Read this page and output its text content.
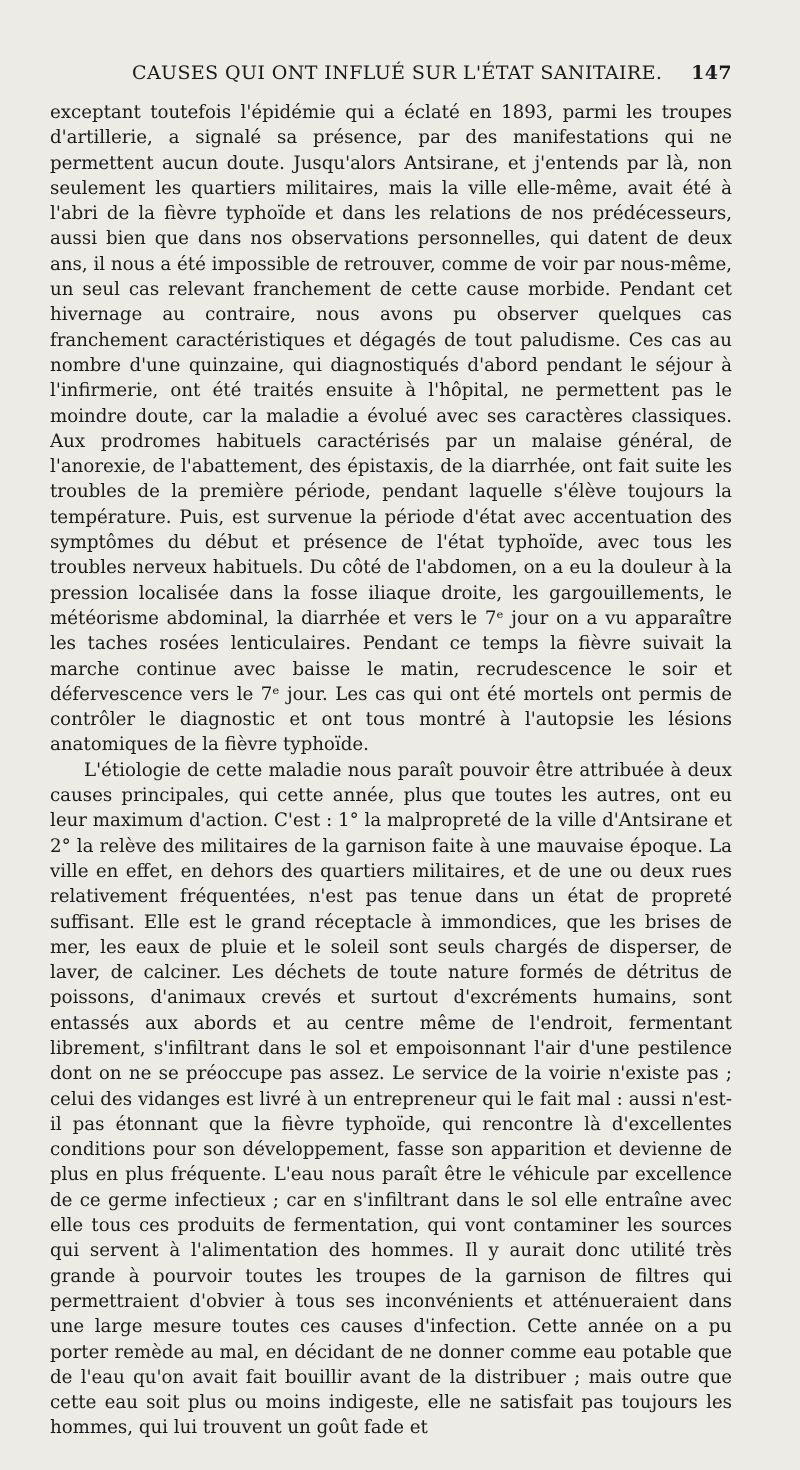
CAUSES QUI ONT INFLUÉ SUR L'ÉTAT SANITAIRE. 147

exceptant toutefois l'épidémie qui a éclaté en 1893, parmi les troupes d'artillerie, a signalé sa présence, par des manifestations qui ne permettent aucun doute. Jusqu'alors Antsirane, et j'entends par là, non seulement les quartiers militaires, mais la ville elle-même, avait été à l'abri de la fièvre typhoïde et dans les relations de nos prédécesseurs, aussi bien que dans nos observations personnelles, qui datent de deux ans, il nous a été impossible de retrouver, comme de voir par nous-même, un seul cas relevant franchement de cette cause morbide. Pendant cet hivernage au contraire, nous avons pu observer quelques cas franchement caractéristiques et dégagés de tout paludisme. Ces cas au nombre d'une quinzaine, qui diagnostiqués d'abord pendant le séjour à l'infirmerie, ont été traités ensuite à l'hôpital, ne permettent pas le moindre doute, car la maladie a évolué avec ses caractères classiques. Aux prodromes habituels caractérisés par un malaise général, de l'anorexie, de l'abattement, des épistaxis, de la diarrhée, ont fait suite les troubles de la première période, pendant laquelle s'élève toujours la température. Puis, est survenue la période d'état avec accentuation des symptômes du début et présence de l'état typhoïde, avec tous les troubles nerveux habituels. Du côté de l'abdomen, on a eu la douleur à la pression localisée dans la fosse iliaque droite, les gargouillements, le météorisme abdominal, la diarrhée et vers le 7ᵉ jour on a vu apparaître les taches rosées lenticulaires. Pendant ce temps la fièvre suivait la marche continue avec baisse le matin, recrudescence le soir et défervescence vers le 7ᵉ jour. Les cas qui ont été mortels ont permis de contrôler le diagnostic et ont tous montré à l'autopsie les lésions anatomiques de la fièvre typhoïde.

L'étiologie de cette maladie nous paraît pouvoir être attribuée à deux causes principales, qui cette année, plus que toutes les autres, ont eu leur maximum d'action. C'est : 1° la malpropreté de la ville d'Antsirane et 2° la relève des militaires de la garnison faite à une mauvaise époque. La ville en effet, en dehors des quartiers militaires, et de une ou deux rues relativement fréquentées, n'est pas tenue dans un état de propreté suffisant. Elle est le grand réceptacle à immondices, que les brises de mer, les eaux de pluie et le soleil sont seuls chargés de disperser, de laver, de calciner. Les déchets de toute nature formés de détritus de poissons, d'animaux crevés et surtout d'excréments humains, sont entassés aux abords et au centre même de l'endroit, fermentant librement, s'infiltrant dans le sol et empoisonnant l'air d'une pestilence dont on ne se préoccupe pas assez. Le service de la voirie n'existe pas ; celui des vidanges est livré à un entrepreneur qui le fait mal : aussi n'est-il pas étonnant que la fièvre typhoïde, qui rencontre là d'excellentes conditions pour son développement, fasse son apparition et devienne de plus en plus fréquente. L'eau nous paraît être le véhicule par excellence de ce germe infectieux ; car en s'infiltrant dans le sol elle entraîne avec elle tous ces produits de fermentation, qui vont contaminer les sources qui servent à l'alimentation des hommes. Il y aurait donc utilité très grande à pourvoir toutes les troupes de la garnison de filtres qui permettraient d'obvier à tous ses inconvénients et atténueraient dans une large mesure toutes ces causes d'infection. Cette année on a pu porter remède au mal, en décidant de ne donner comme eau potable que de l'eau qu'on avait fait bouillir avant de la distribuer ; mais outre que cette eau soit plus ou moins indigeste, elle ne satisfait pas toujours les hommes, qui lui trouvent un goût fade et
